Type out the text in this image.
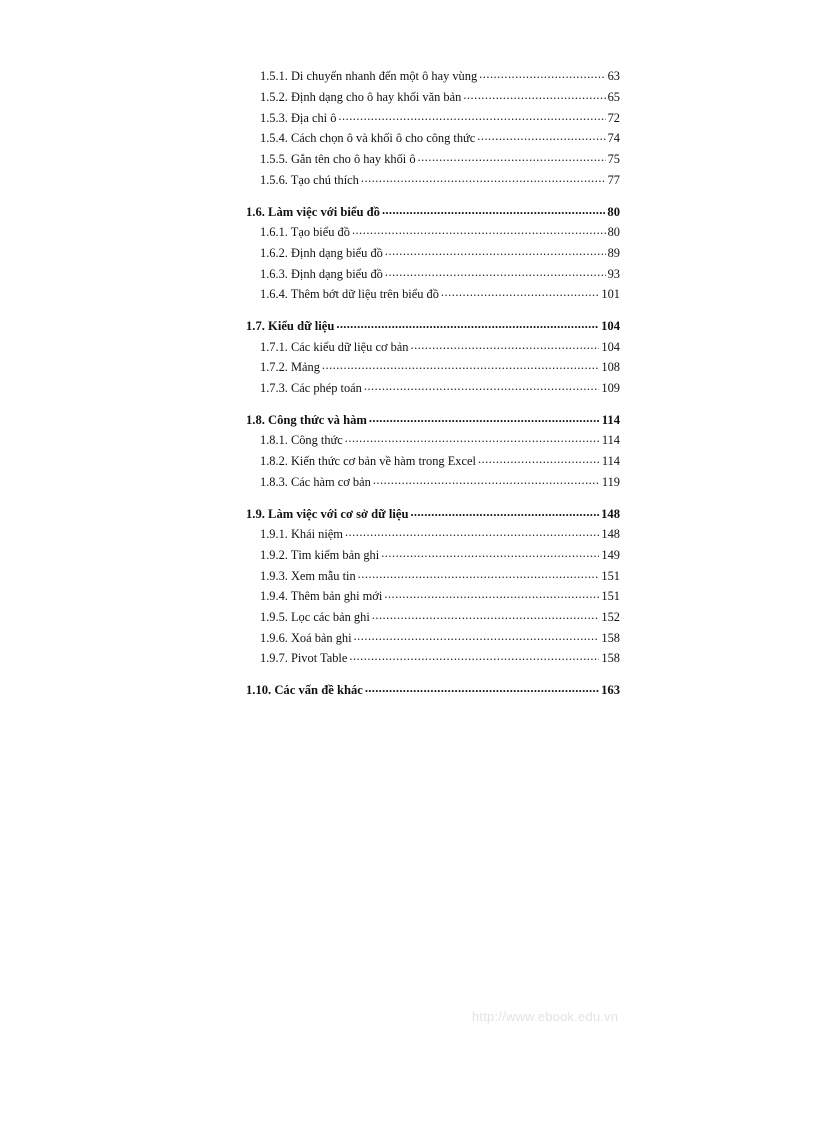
1.5.1. Di chuyển nhanh đến một ô hay vùng .....	63
1.5.2. Định dạng cho ô hay khối văn bản .....	65
1.5.3. Địa chỉ ô .....	72
1.5.4. Cách chọn ô và khối ô cho công thức .....	74
1.5.5. Gắn tên cho ô hay khối ô .....	75
1.5.6. Tạo chú thích .....	77
1.6. Làm việc với biểu đồ .....	80
1.6.1. Tạo biểu đồ .....	80
1.6.2. Định dạng biểu đồ .....	89
1.6.3. Định dạng biểu đồ .....	93
1.6.4. Thêm bớt dữ liệu trên biểu đồ .....	101
1.7. Kiểu dữ liệu .....	104
1.7.1. Các kiểu dữ liệu cơ bản .....	104
1.7.2. Mảng .....	108
1.7.3. Các phép toán .....	109
1.8. Công thức và hàm .....	114
1.8.1. Công thức .....	114
1.8.2. Kiến thức cơ bản về hàm trong Excel .....	114
1.8.3. Các hàm cơ bản .....	119
1.9. Làm việc với cơ sở dữ liệu .....	148
1.9.1. Khái niệm .....	148
1.9.2. Tìm kiếm bản ghi .....	149
1.9.3. Xem mẫu tin .....	151
1.9.4. Thêm bản ghi mới .....	151
1.9.5. Lọc các bản ghi .....	152
1.9.6. Xoá bản ghi .....	158
1.9.7. Pivot Table .....	158
1.10. Các vấn đề khác .....	163
http://www.ebook.edu.vn
